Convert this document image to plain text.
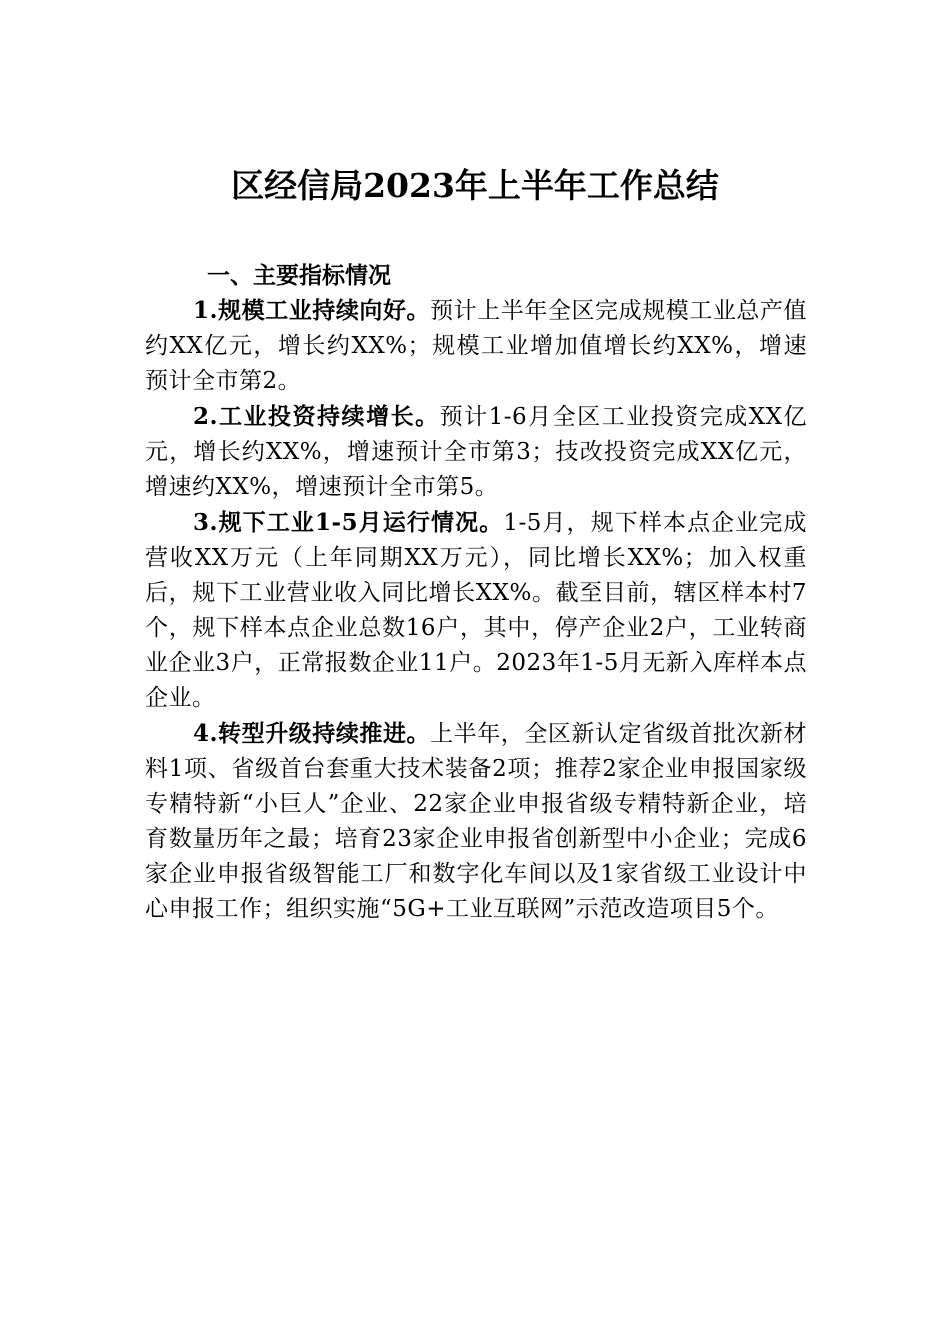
区经信局2023年上半年工作总结

一、主要指标情况

1.规模工业持续向好。预计上半年全区完成规模工业总产值约XX亿元，增长约XX%；规模工业增加值增长约XX%，增速预计全市第2。

2.工业投资持续增长。预计1-6月全区工业投资完成XX亿元，增长约XX%，增速预计全市第3；技改投资完成XX亿元，增速约XX%，增速预计全市第5。

3.规下工业1-5月运行情况。1-5月，规下样本点企业完成营收XX万元（上年同期XX万元），同比增长XX%；加入权重后，规下工业营业收入同比增长XX%。截至目前，辖区样本村7个，规下样本点企业总数16户，其中，停产企业2户，工业转商业企业3户，正常报数企业11户。2023年1-5月无新入库样本点企业。

4.转型升级持续推进。上半年，全区新认定省级首批次新材料1项、省级首台套重大技术装备2项；推荐2家企业申报国家级专精特新“小巨人”企业、22家企业申报省级专精特新企业，培育数量历年之最；培育23家企业申报省创新型中小企业；完成6家企业申报省级智能工厂和数字化车间以及1家省级工业设计中心申报工作；组织实施“5G+工业互联网”示范改造项目5个。
